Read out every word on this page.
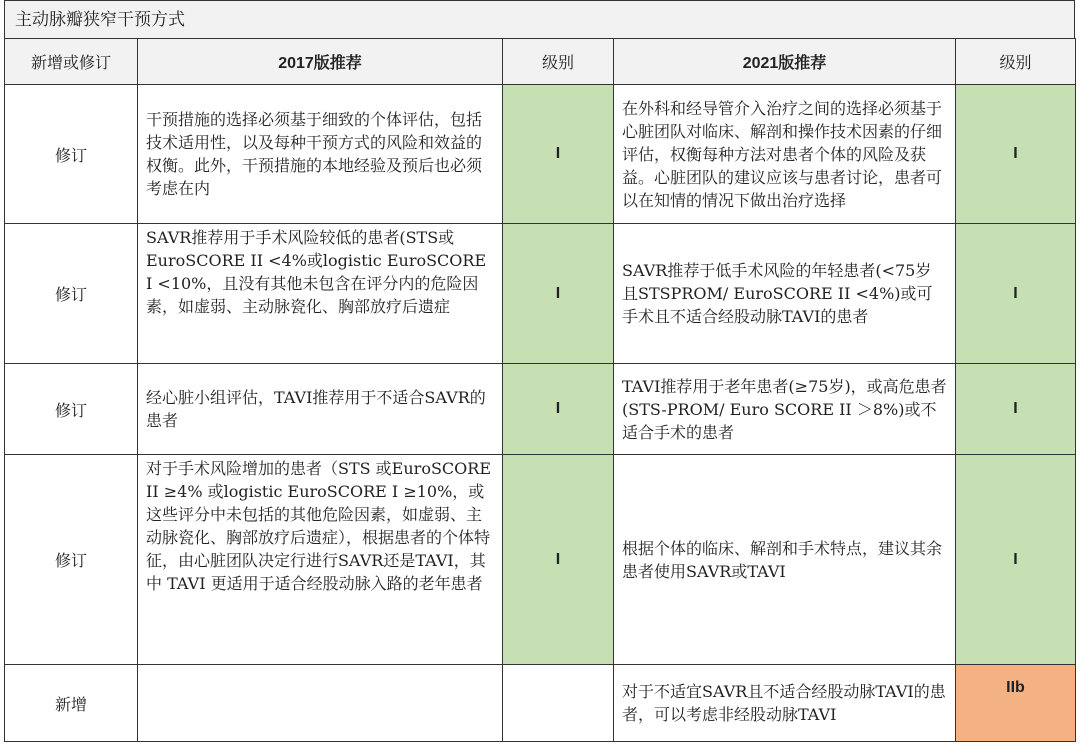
主动脉瓣狭窄干预方式
新增或修订	2017版推荐	级别	2021版推荐	级别
修订	干预措施的选择必须基于细致的个体评估，包括技术适用性，以及每种干预方式的风险和效益的权衡。此外，干预措施的本地经验及预后也必须考虑在内	I	在外科和经导管介入治疗之间的选择必须基于心脏团队对临床、解剖和操作技术因素的仔细评估，权衡每种方法对患者个体的风险及获益。心脏团队的建议应该与患者讨论，患者可以在知情的情况下做出治疗选择	I
修订	SAVR推荐用于手术风险较低的患者(STS或EuroSCORE II <4%或logistic EuroSCORE I <10%，且没有其他未包含在评分内的危险因素，如虚弱、主动脉瓷化、胸部放疗后遗症	I	SAVR推荐于低手术风险的年轻患者(<75岁且STSPROM/ EuroSCORE II <4%)或可手术且不适合经股动脉TAVI的患者	I
修订	经心脏小组评估，TAVI推荐用于不适合SAVR的患者	I	TAVI推荐用于老年患者(≥75岁)，或高危患者(STS-PROM/ Euro SCORE II ＞8%)或不适合手术的患者	I
修订	对于手术风险增加的患者（STS 或EuroSCORE II ≥4% 或logistic EuroSCORE I ≥10%，或这些评分中未包括的其他危险因素，如虚弱、主动脉瓷化、胸部放疗后遗症），根据患者的个体特征，由心脏团队决定行进行SAVR还是TAVI，其中 TAVI 更适用于适合经股动脉入路的老年患者	I	根据个体的临床、解剖和手术特点，建议其余患者使用SAVR或TAVI	I
新增			对于不适宜SAVR且不适合经股动脉TAVI的患者，可以考虑非经股动脉TAVI	IIb
